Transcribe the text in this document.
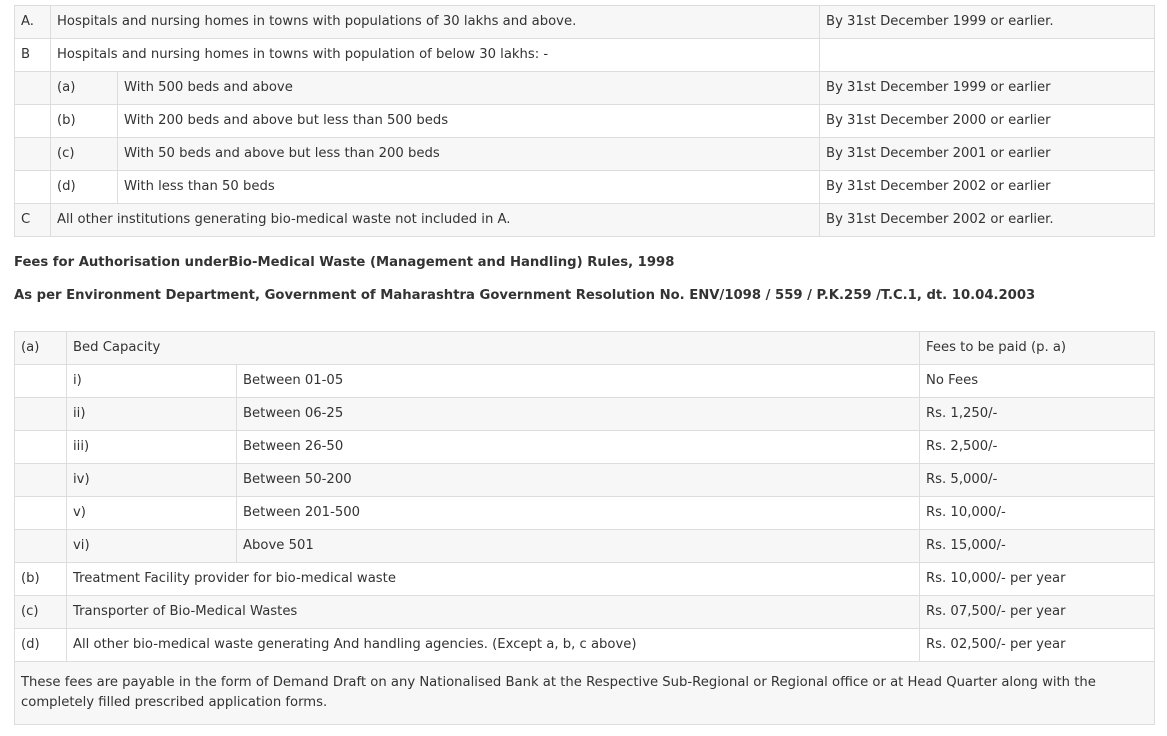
A.	Hospitals and nursing homes in towns with populations of 30 lakhs and above.		By 31st December 1999 or earlier.
B	Hospitals and nursing homes in towns with population of below 30 lakhs: -		
	(a)	With 500 beds and above	By 31st December 1999 or earlier
	(b)	With 200 beds and above but less than 500 beds	By 31st December 2000 or earlier
	(c)	With 50 beds and above but less than 200 beds	By 31st December 2001 or earlier
	(d)	With less than 50 beds	By 31st December 2002 or earlier
C	All other institutions generating bio-medical waste not included in A.		By 31st December 2002 or earlier.

Fees for Authorisation underBio-Medical Waste (Management and Handling) Rules, 1998

As per Environment Department, Government of Maharashtra Government Resolution No. ENV/1098 / 559 / P.K.259 /T.C.1, dt. 10.04.2003

(a)	Bed Capacity		Fees to be paid (p. a)
	i)	Between 01-05	No Fees
	ii)	Between 06-25	Rs. 1,250/-
	iii)	Between 26-50	Rs. 2,500/-
	iv)	Between 50-200	Rs. 5,000/-
	v)	Between 201-500	Rs. 10,000/-
	vi)	Above 501	Rs. 15,000/-
(b)	Treatment Facility provider for bio-medical waste		Rs. 10,000/- per year
(c)	Transporter of Bio-Medical Wastes		Rs. 07,500/- per year
(d)	All other bio-medical waste generating And handling agencies. (Except a, b, c above)		Rs. 02,500/- per year
These fees are payable in the form of Demand Draft on any Nationalised Bank at the Respective Sub-Regional or Regional office or at Head Quarter along with the completely filled prescribed application forms.			
